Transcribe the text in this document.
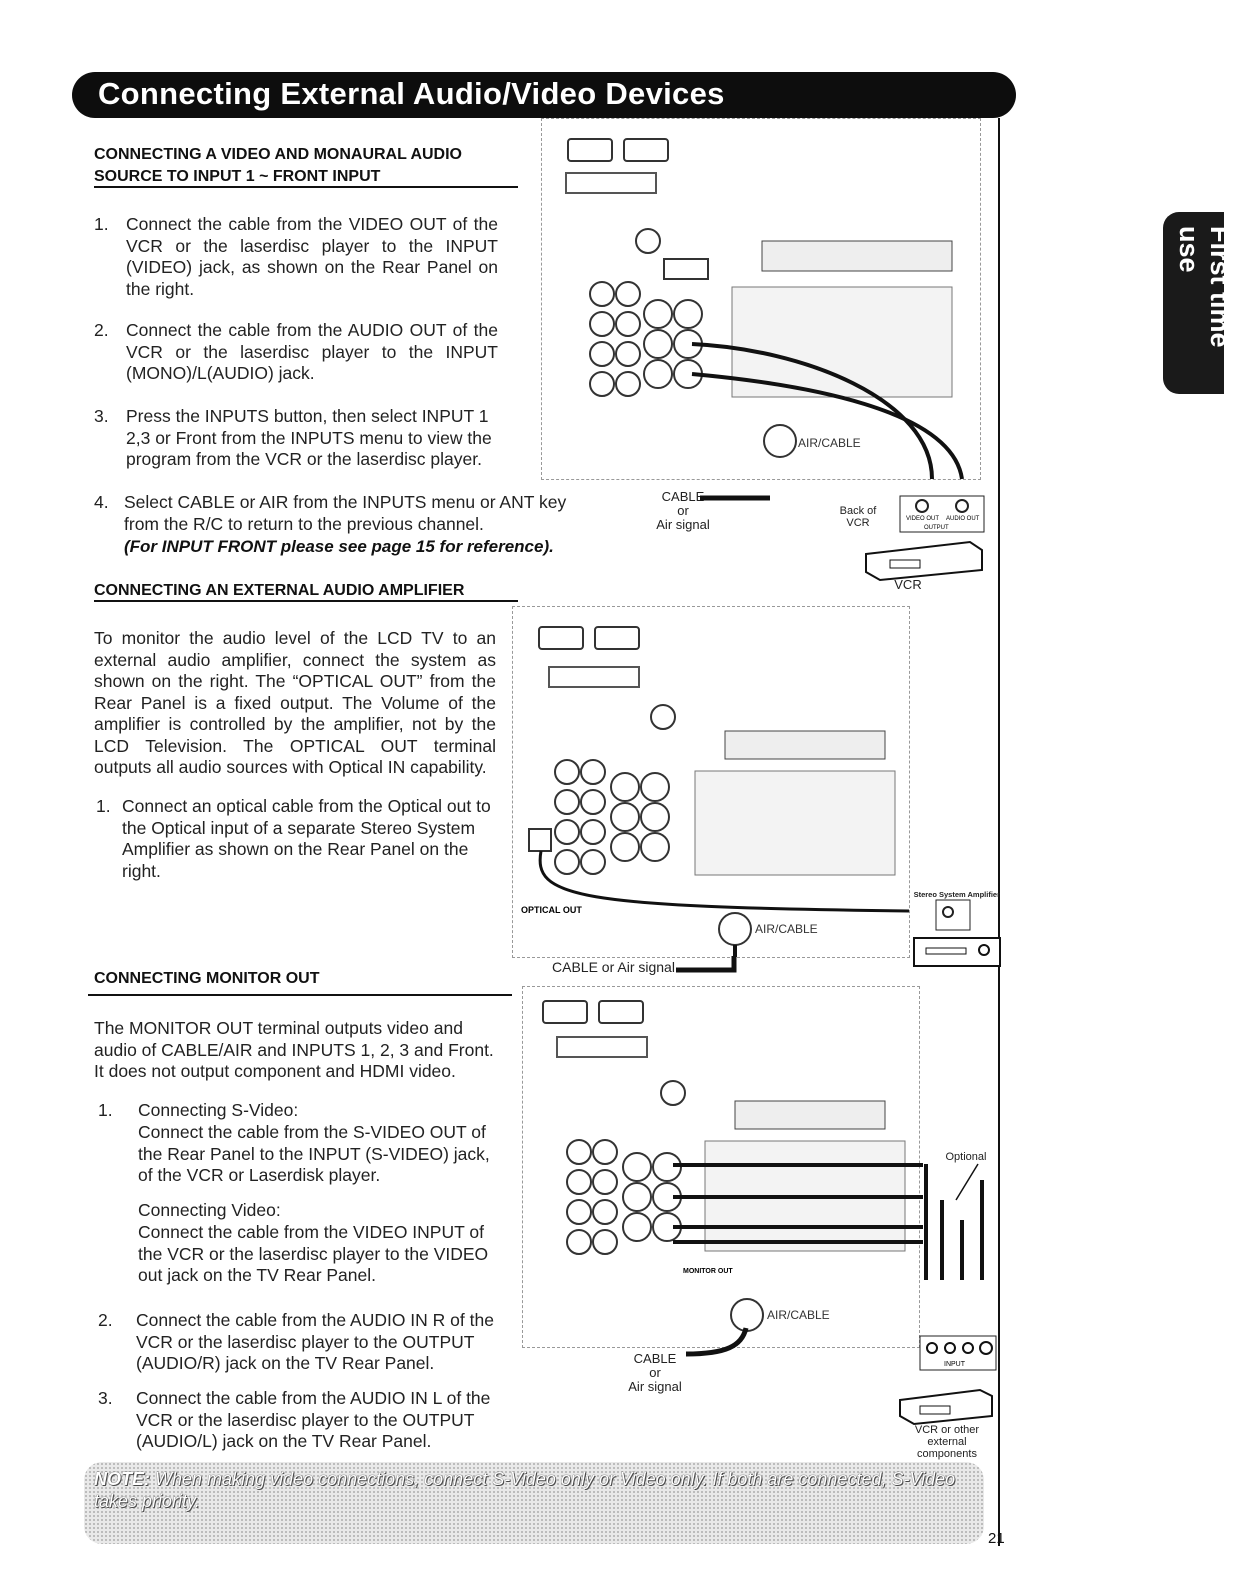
Connecting External Audio/Video Devices
First time use
CONNECTING A VIDEO AND MONAURAL AUDIO
SOURCE TO INPUT 1 ~ FRONT INPUT
1. Connect the cable from the VIDEO OUT of the VCR or the laserdisc player to the INPUT (VIDEO) jack, as shown on the Rear Panel on the right.
2. Connect the cable from the AUDIO OUT of the VCR or the laserdisc player to the INPUT (MONO)/L(AUDIO) jack.
3. Press the INPUTS button, then select INPUT 1 2,3 or Front from the INPUTS menu to view the program from the VCR or the laserdisc player.
4. Select CABLE or AIR from the INPUTS menu or ANT key from the R/C to return to the previous channel.
(For INPUT FRONT please see page 15 for reference).
AIR/CABLE
CABLE
or
Air signal
Back of
VCR	VIDEO OUT AUDIO OUT
OUTPUT
VCR
CONNECTING AN EXTERNAL AUDIO AMPLIFIER
To monitor the audio level of the LCD TV to an external audio amplifier, connect the system as shown on the right. The “OPTICAL OUT” from the Rear Panel is a fixed output. The Volume of the amplifier is controlled by the amplifier, not by the LCD Television. The OPTICAL OUT terminal outputs all audio sources with Optical IN capability.
1. Connect an optical cable from the Optical out to the Optical input of a separate Stereo System Amplifier as shown on the Rear Panel on the right.
OPTICAL OUT
AIR/CABLE
Stereo System Amplifier
CABLE or Air signal
CONNECTING MONITOR OUT
The MONITOR OUT terminal outputs video and audio of CABLE/AIR and INPUTS 1, 2, 3 and Front. It does not output component and HDMI video.
1. Connecting S-Video:
Connect the cable from the S-VIDEO OUT of the Rear Panel to the INPUT (S-VIDEO) jack, of the VCR or Laserdisk player.
Connecting Video:
Connect the cable from the VIDEO INPUT of the VCR or the laserdisc player to the VIDEO out jack on the TV Rear Panel.
2. Connect the cable from the AUDIO IN R of the VCR or the laserdisc player to the OUTPUT (AUDIO/R) jack on the TV Rear Panel.
3. Connect the cable from the AUDIO IN L of the VCR or the laserdisc player to the OUTPUT (AUDIO/L) jack on the TV Rear Panel.
MONITOR OUT
AIR/CABLE
Optional
INPUT
CABLE
or
Air signal
VCR or other external components
NOTE: When making video connections, connect S-Video only or Video only. If both are connected, S-Video takes priority.
21
